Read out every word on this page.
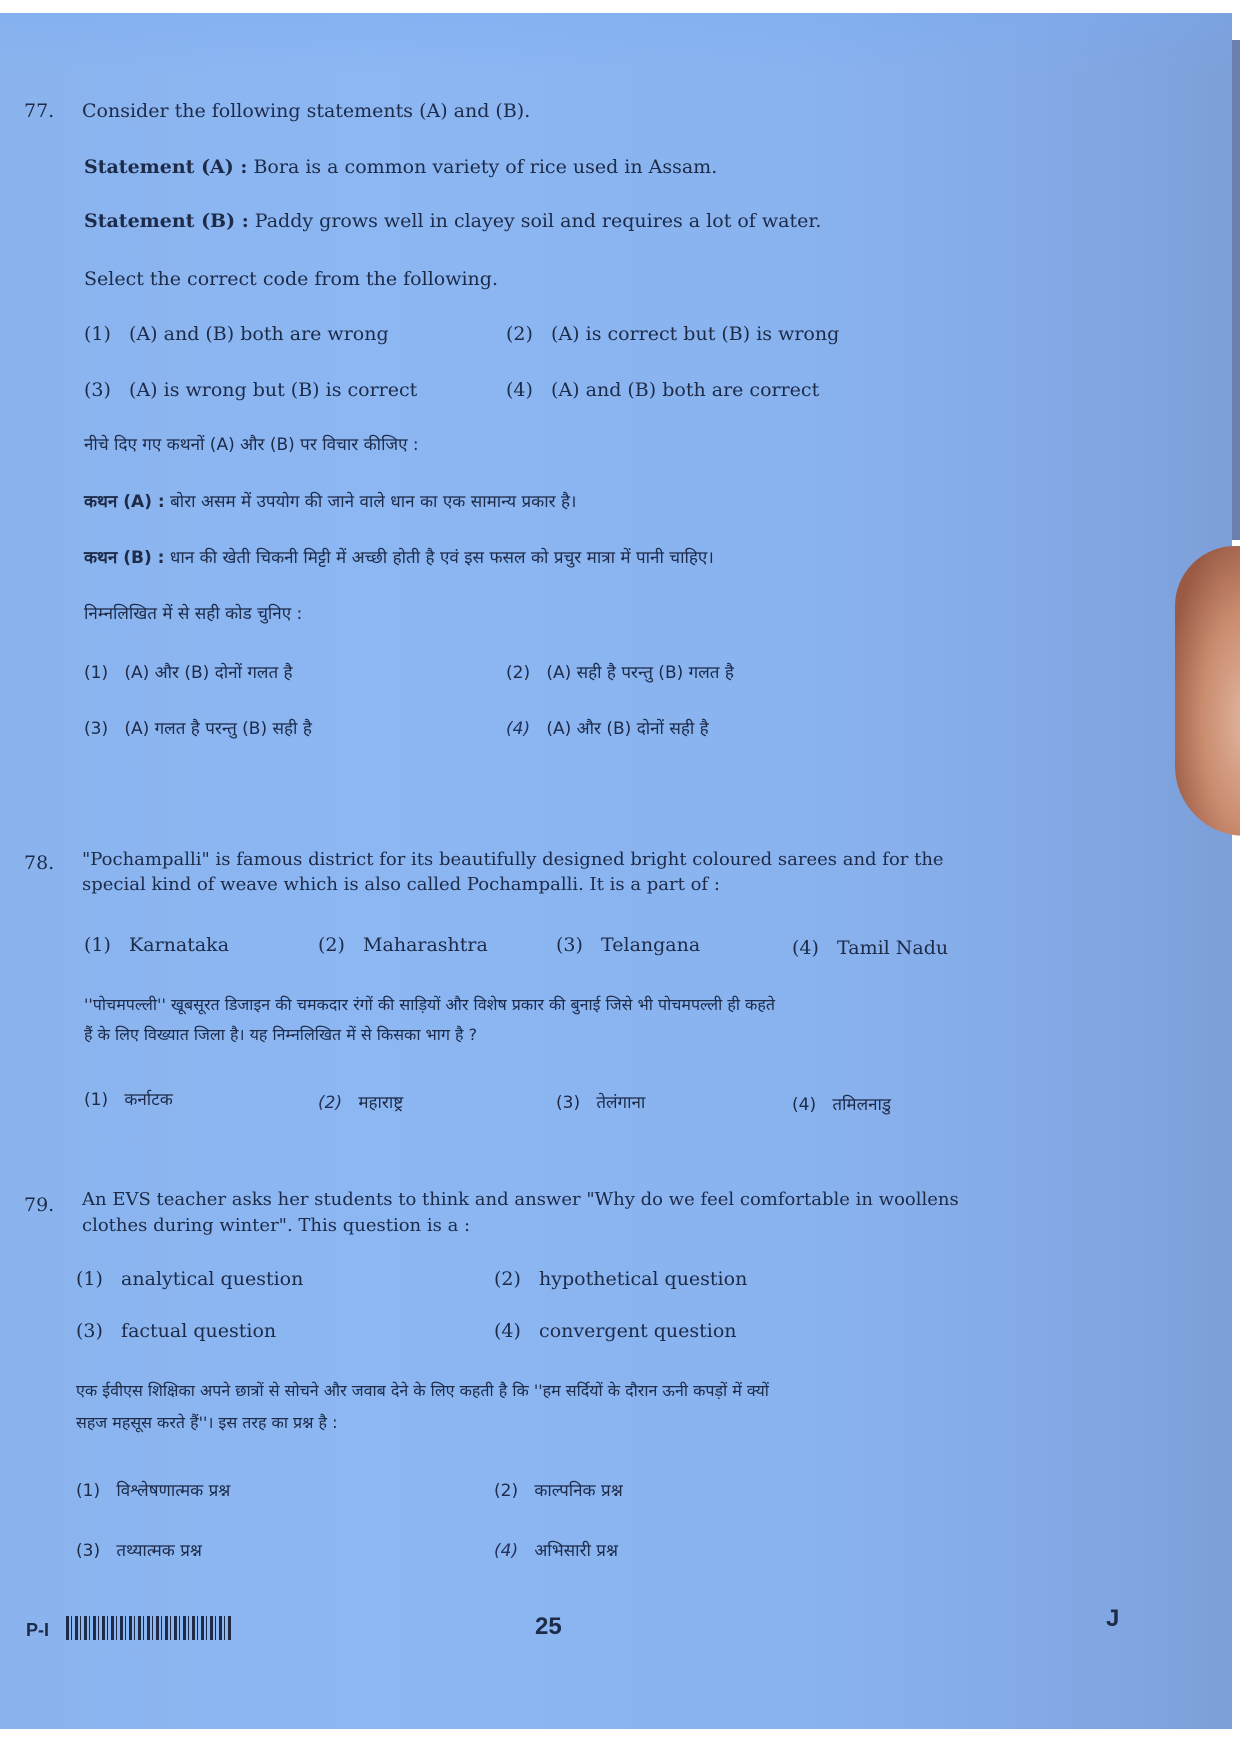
77. Consider the following statements (A) and (B).
Statement (A) : Bora is a common variety of rice used in Assam.
Statement (B) : Paddy grows well in clayey soil and requires a lot of water.
Select the correct code from the following.
(1) (A) and (B) both are wrong	(2) (A) is correct but (B) is wrong
(3) (A) is wrong but (B) is correct	(4) (A) and (B) both are correct
नीचे दिए गए कथनों (A) और (B) पर विचार कीजिए :
कथन (A) : बोरा असम में उपयोग की जाने वाले धान का एक सामान्य प्रकार है।
कथन (B) : धान की खेती चिकनी मिट्टी में अच्छी होती है एवं इस फसल को प्रचुर मात्रा में पानी चाहिए।
निम्नलिखित में से सही कोड चुनिए :
(1) (A) और (B) दोनों गलत है	(2) (A) सही है परन्तु (B) गलत है
(3) (A) गलत है परन्तु (B) सही है	(4) (A) और (B) दोनों सही है
78. "Pochampalli" is famous district for its beautifully designed bright coloured sarees and for the
special kind of weave which is also called Pochampalli. It is a part of :
(1) Karnataka	(2) Maharashtra	(3) Telangana	(4) Tamil Nadu
''पोचमपल्ली'' खूबसूरत डिजाइन की चमकदार रंगों की साड़ियों और विशेष प्रकार की बुनाई जिसे भी पोचमपल्ली ही कहते
हैं के लिए विख्यात जिला है। यह निम्नलिखित में से किसका भाग है ?
(1) कर्नाटक	(2) महाराष्ट्र	(3) तेलंगाना	(4) तमिलनाडु
79. An EVS teacher asks her students to think and answer "Why do we feel comfortable in woollens
clothes during winter". This question is a :
(1) analytical question	(2) hypothetical question
(3) factual question	(4) convergent question
एक ईवीएस शिक्षिका अपने छात्रों से सोचने और जवाब देने के लिए कहती है कि ''हम सर्दियों के दौरान ऊनी कपड़ों में क्यों
सहज महसूस करते हैं''। इस तरह का प्रश्न है :
(1) विश्लेषणात्मक प्रश्न	(2) काल्पनिक प्रश्न
(3) तथ्यात्मक प्रश्न	(4) अभिसारी प्रश्न
P-I	25	J
